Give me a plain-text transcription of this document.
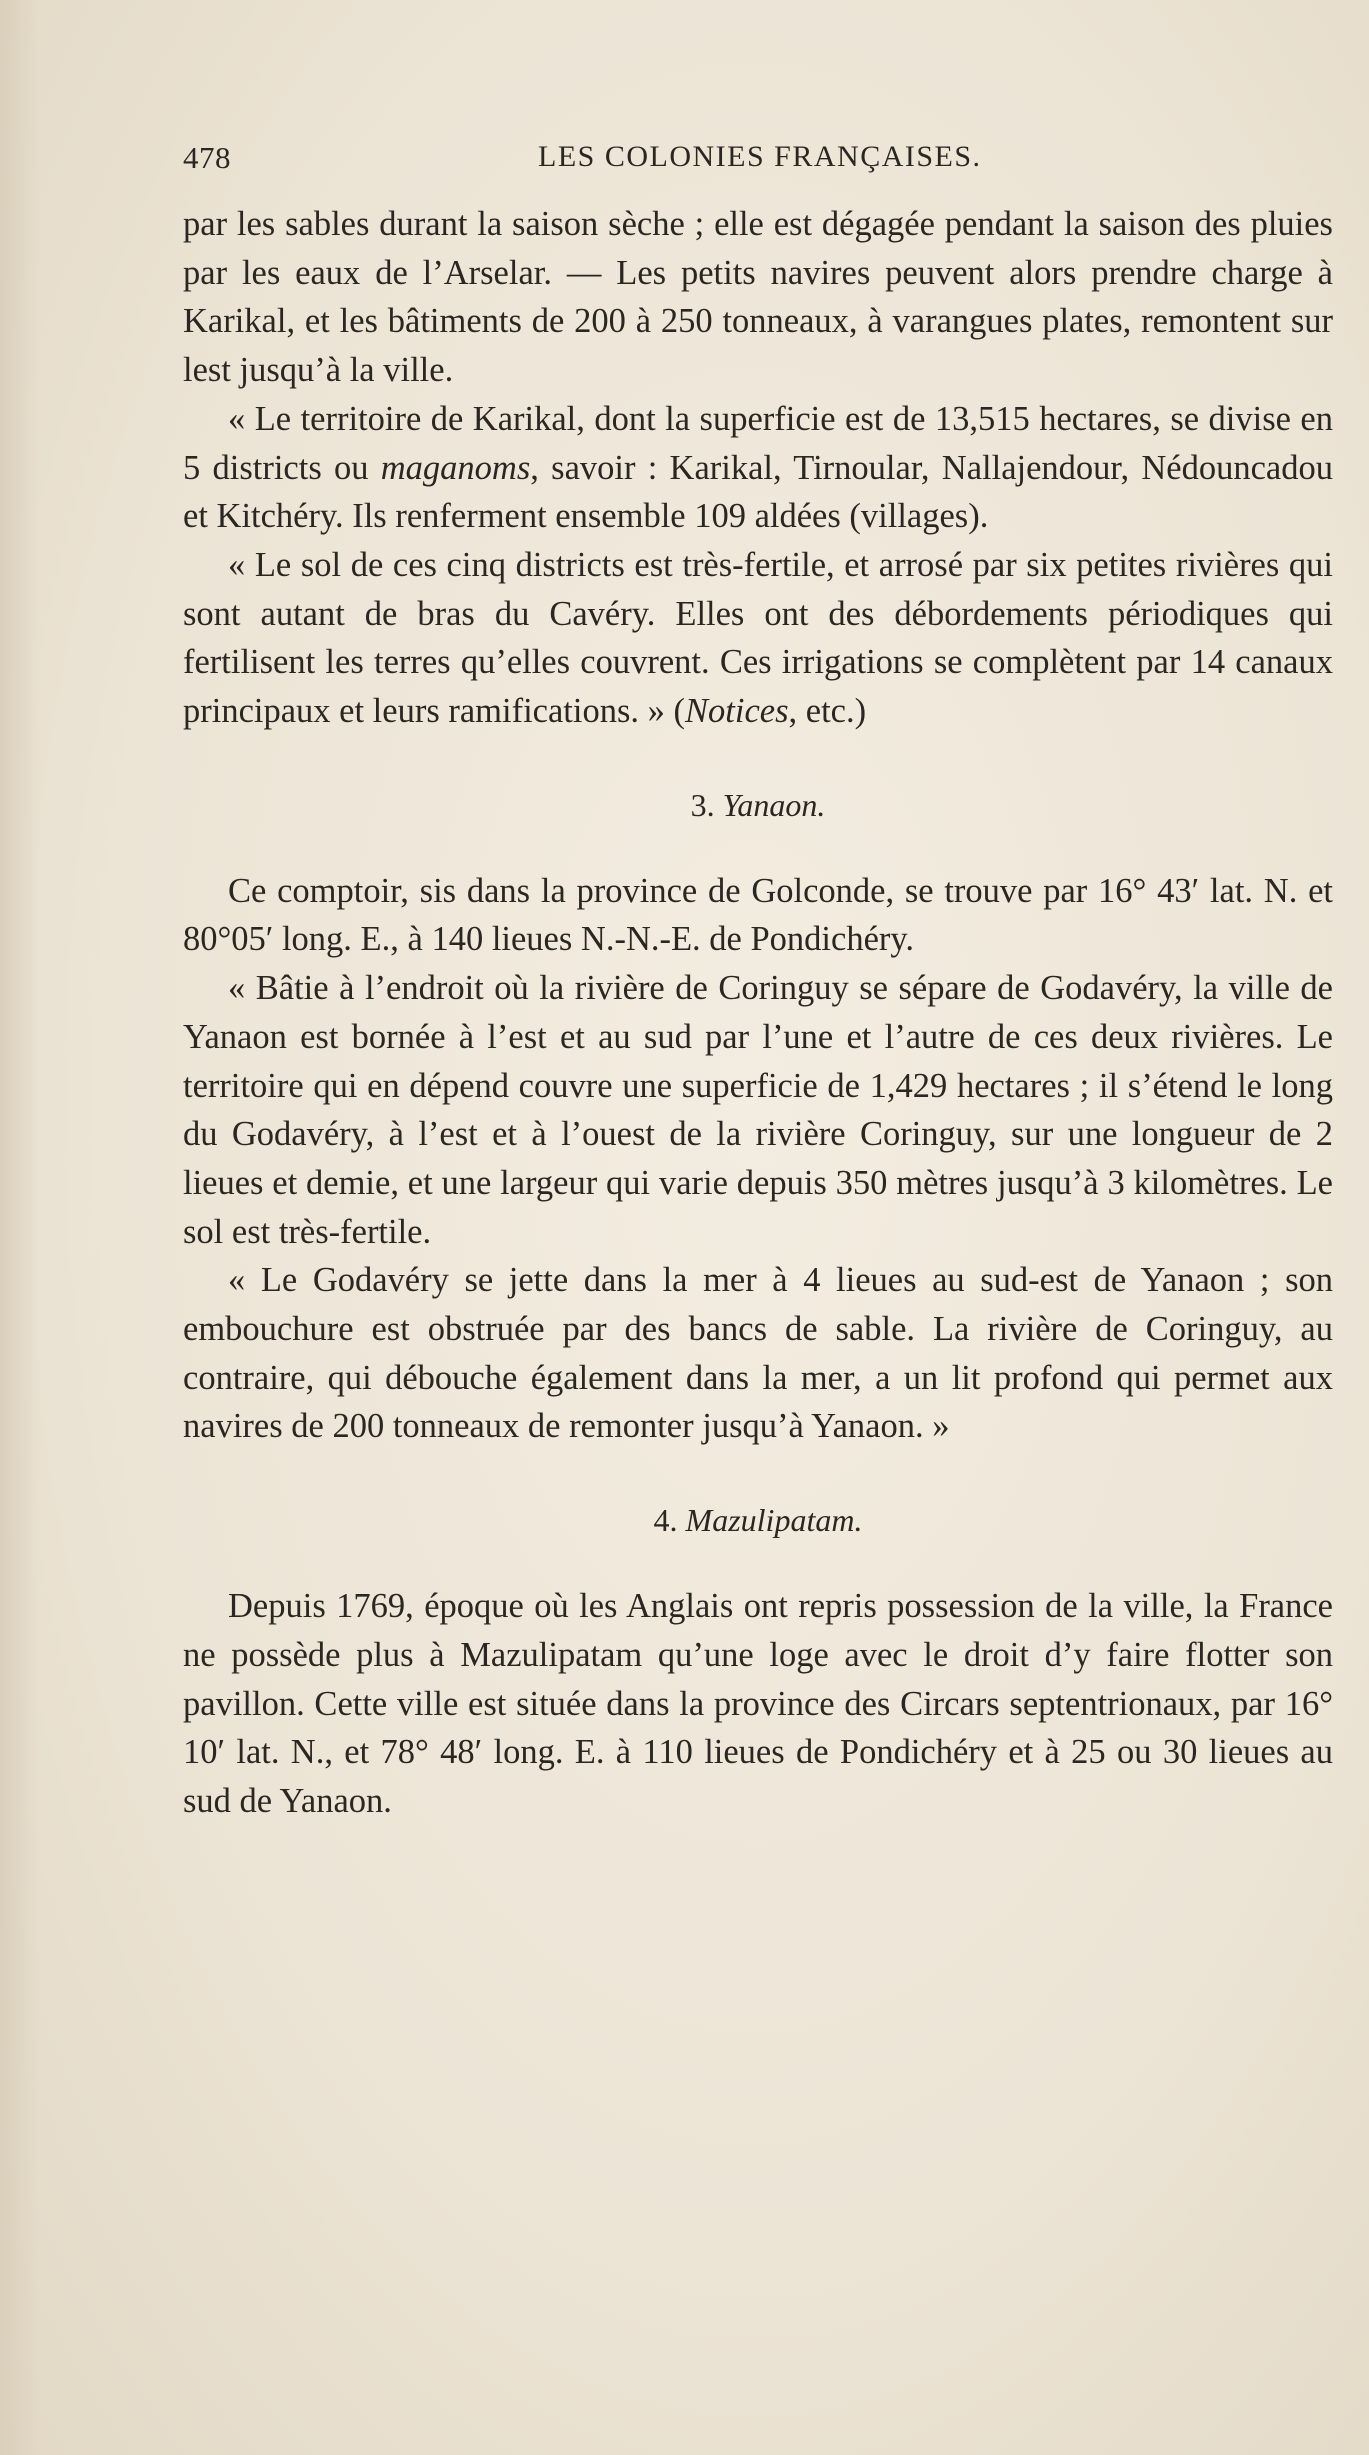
478	LES COLONIES FRANÇAISES.

par les sables durant la saison sèche ; elle est dégagée pendant la saison des pluies par les eaux de l’Arselar. — Les petits navires peuvent alors prendre charge à Karikal, et les bâtiments de 200 à 250 tonneaux, à varangues plates, remontent sur lest jusqu’à la ville.

« Le territoire de Karikal, dont la superficie est de 13,515 hectares, se divise en 5 districts ou maganoms, savoir : Karikal, Tirnoular, Nallajendour, Nédouncadou et Kitchéry. Ils renferment ensemble 109 aldées (villages).

« Le sol de ces cinq districts est très-fertile, et arrosé par six petites rivières qui sont autant de bras du Cavéry. Elles ont des débordements périodiques qui fertilisent les terres qu’elles couvrent. Ces irrigations se complètent par 14 canaux principaux et leurs ramifications. » (Notices, etc.)

3. Yanaon.

Ce comptoir, sis dans la province de Golconde, se trouve par 16° 43′ lat. N. et 80°05′ long. E., à 140 lieues N.-N.-E. de Pondichéry.

« Bâtie à l’endroit où la rivière de Coringuy se sépare de Godavéry, la ville de Yanaon est bornée à l’est et au sud par l’une et l’autre de ces deux rivières. Le territoire qui en dépend couvre une superficie de 1,429 hectares ; il s’étend le long du Godavéry, à l’est et à l’ouest de la rivière Coringuy, sur une longueur de 2 lieues et demie, et une largeur qui varie depuis 350 mètres jusqu’à 3 kilomètres. Le sol est très-fertile.

« Le Godavéry se jette dans la mer à 4 lieues au sud-est de Yanaon ; son embouchure est obstruée par des bancs de sable. La rivière de Coringuy, au contraire, qui débouche également dans la mer, a un lit profond qui permet aux navires de 200 tonneaux de remonter jusqu’à Yanaon. »

4. Mazulipatam.

Depuis 1769, époque où les Anglais ont repris possession de la ville, la France ne possède plus à Mazulipatam qu’une loge avec le droit d’y faire flotter son pavillon. Cette ville est située dans la province des Circars septentrionaux, par 16° 10′ lat. N., et 78° 48′ long. E. à 110 lieues de Pondichéry et à 25 ou 30 lieues au sud de Yanaon.
